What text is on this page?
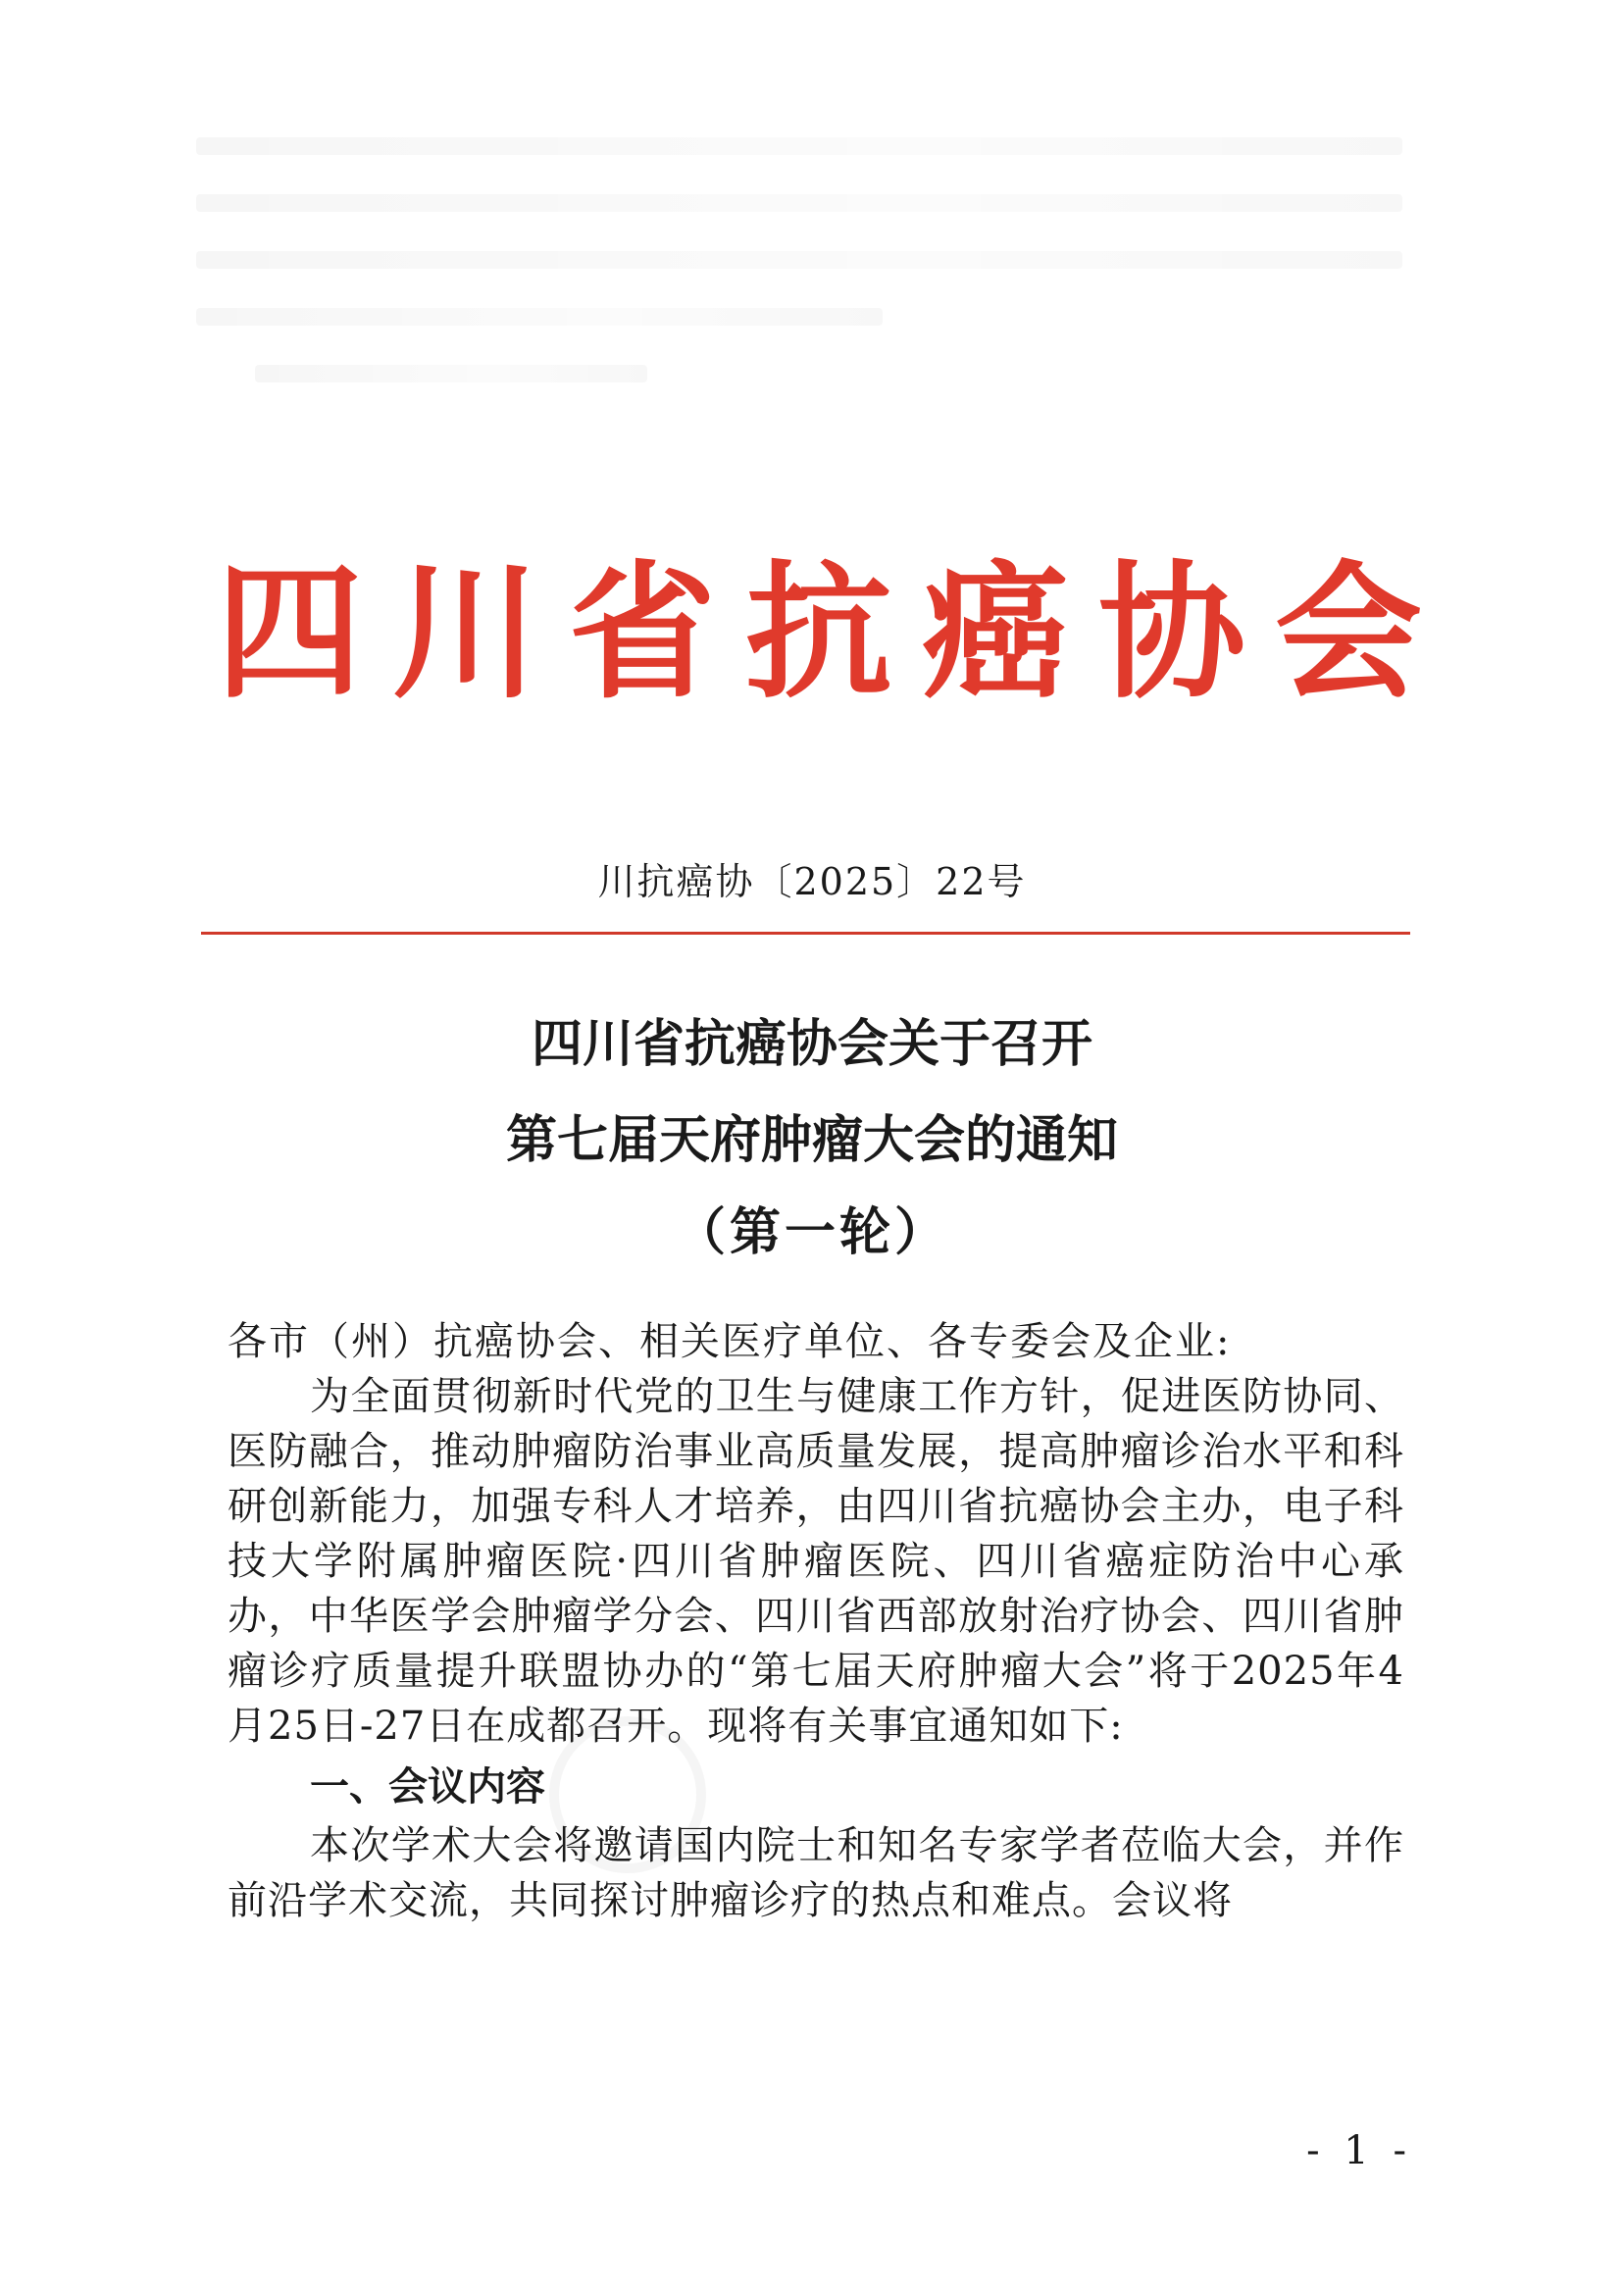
四川省抗癌协会
川抗癌协〔2025〕22号
四川省抗癌协会关于召开
第七届天府肿瘤大会的通知
（第一轮）
各市（州）抗癌协会、相关医疗单位、各专委会及企业:

为全面贯彻新时代党的卫生与健康工作方针，促进医防协同、医防融合，推动肿瘤防治事业高质量发展，提高肿瘤诊治水平和科研创新能力，加强专科人才培养，由四川省抗癌协会主办，电子科技大学附属肿瘤医院·四川省肿瘤医院、四川省癌症防治中心承办，中华医学会肿瘤学分会、四川省西部放射治疗协会、四川省肿瘤诊疗质量提升联盟协办的“第七届天府肿瘤大会”将于2025年4月25日-27日在成都召开。现将有关事宜通知如下:

一、会议内容

本次学术大会将邀请国内院士和知名专家学者莅临大会，并作前沿学术交流，共同探讨肿瘤诊疗的热点和难点。会议将

- 1 -
